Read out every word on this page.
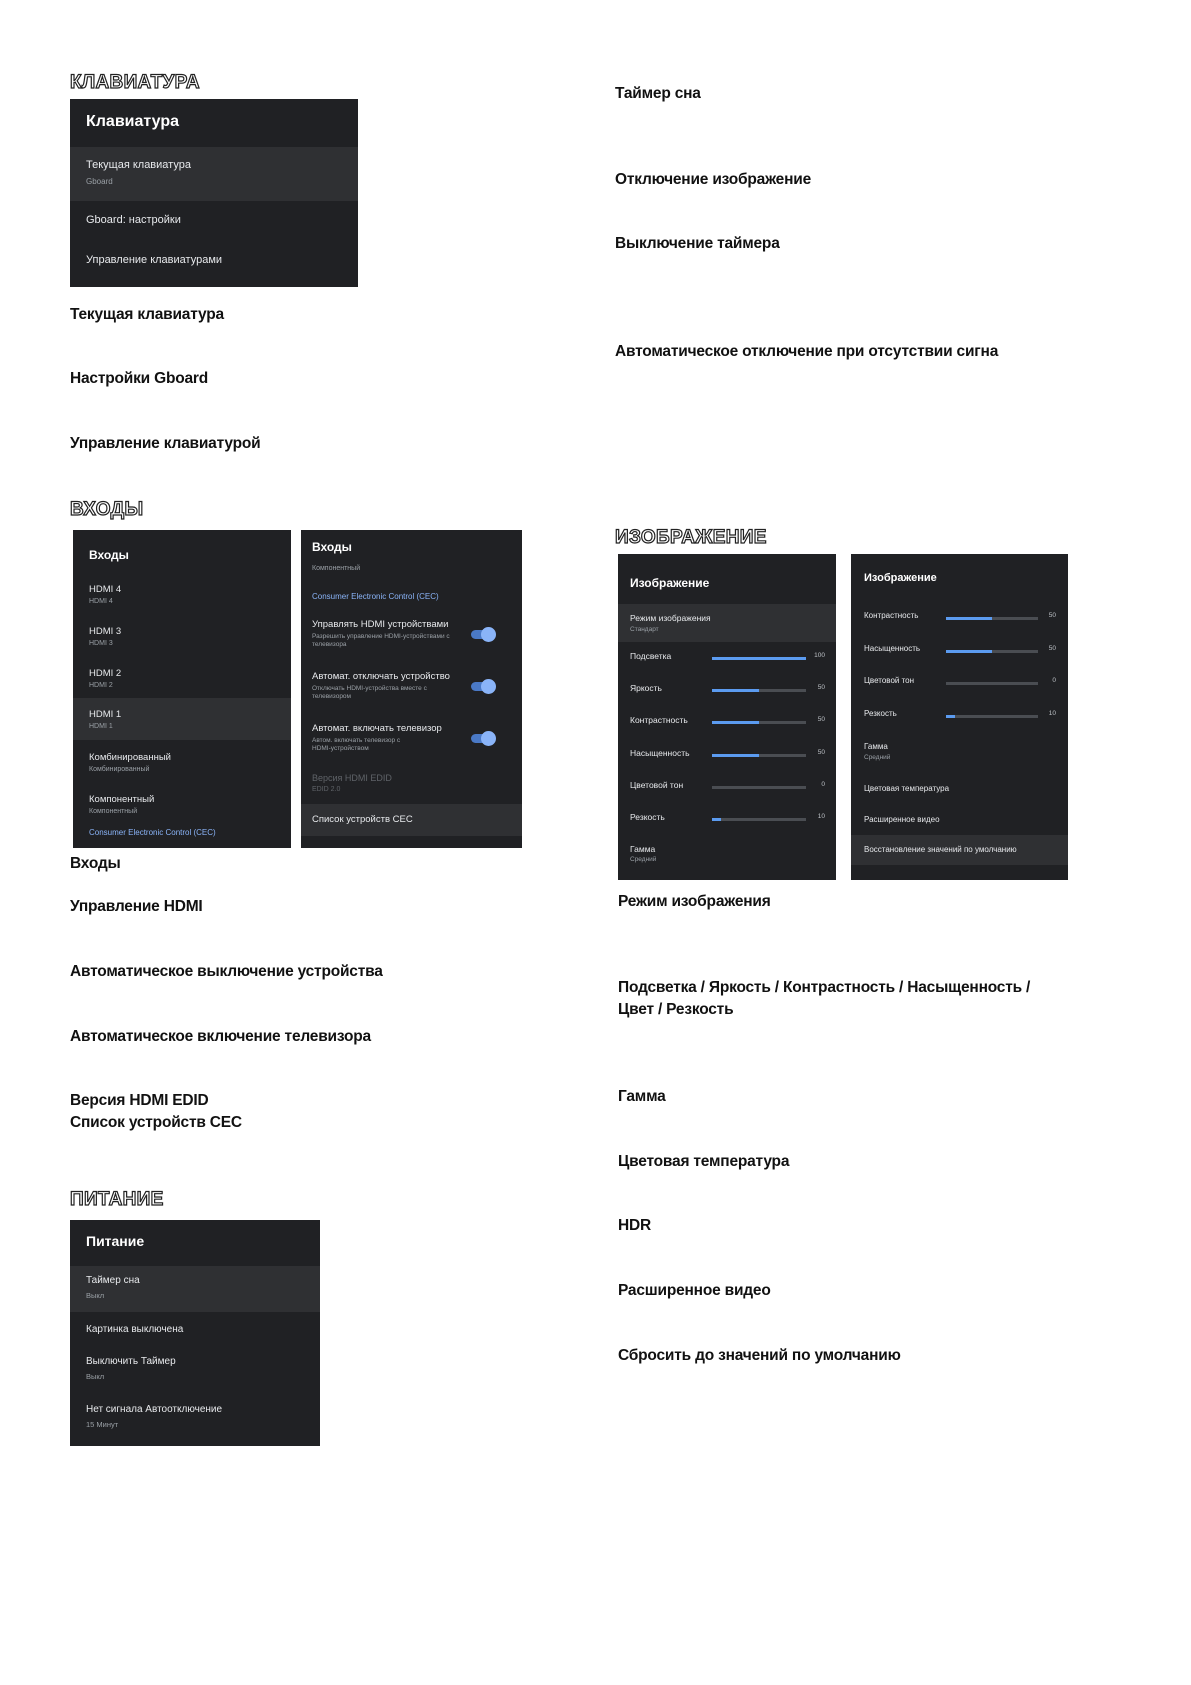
КЛАВИАТУРА
Клавиатура
Текущая клавиатура
Gboard
Gboard: настройки
Управление клавиатурами
Текущая клавиатура
Настройки Gboard
Управление клавиатурой
ВХОДЫ
Входы
HDMI 4
HDMI 4
HDMI 3
HDMI 3
HDMI 2
HDMI 2
HDMI 1
HDMI 1
Комбинированный
Комбинированный
Компонентный
Компонентный
Consumer Electronic Control (CEC)
Входы
Компонентный
Consumer Electronic Control (CEC)
Управлять HDMI устройствами
Разрешить управление HDMI-устройствами с
телевизора
Автомат. отключать устройство
Отключать HDMI-устройства вместе с
телевизором
Автомат. включать телевизор
Автом. включать телевизор с
HDMI-устройством
Версия HDMI EDID
EDID 2.0
Список устройств CEC
Входы
Управление HDMI
Автоматическое выключение устройства
Автоматическое включение телевизора
Версия HDMI EDID
Список устройств CEC
ПИТАНИЕ
Питание
Таймер сна
Выкл
Картинка выключена
Выключить Таймер
Выкл
Нет сигнала Автоотключение
15 Минут
Таймер сна
Отключение изображение
Выключение таймера
Автоматическое отключение при отсутствии сигна
ИЗОБРАЖЕНИЕ
Изображение
Режим изображения
Стандарт
Подсветка	100
Яркость	50
Контрастность	50
Насыщенность	50
Цветовой тон	0
Резкость	10
Гамма
Средний
Изображение
Контрастность	50
Насыщенность	50
Цветовой тон	0
Резкость	10
Гамма
Средний
Цветовая температура
Расширенное видео
Восстановление значений по умолчанию
Режим изображения
Подсветка / Яркость / Контрастность / Насыщенность /
Цвет / Резкость
Гамма
Цветовая температура
HDR
Расширенное видео
Сбросить до значений по умолчанию
